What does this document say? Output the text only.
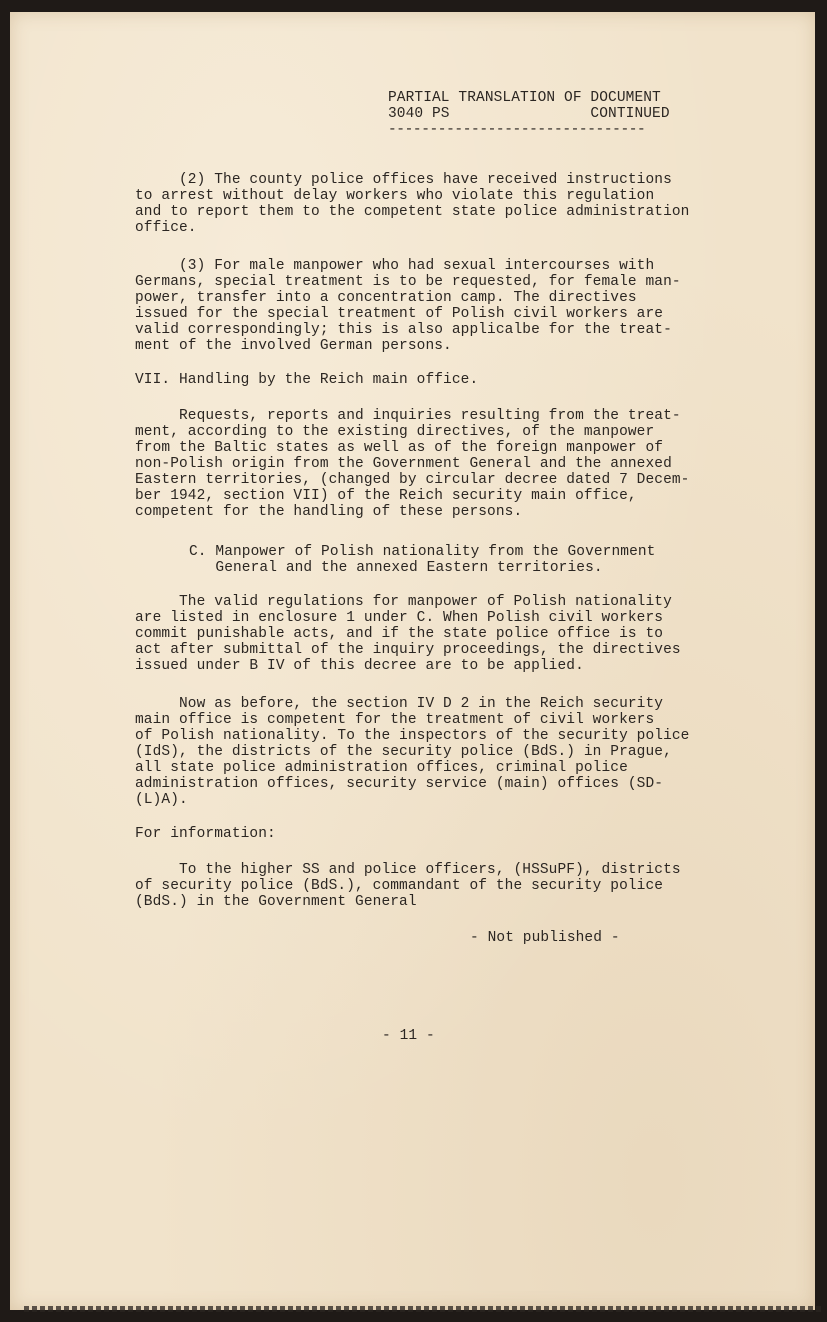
PARTIAL TRANSLATION OF DOCUMENT
3040 PS                CONTINUED
-------------------------------
(2) The county police offices have received instructions
to arrest without delay workers who violate this regulation
and to report them to the competent state police administration
office.
(3) For male manpower who had sexual intercourses with
Germans, special treatment is to be requested, for female man-
power, transfer into a concentration camp. The directives
issued for the special treatment of Polish civil workers are
valid correspondingly; this is also applicalbe for the treat-
ment of the involved German persons.
VII. Handling by the Reich main office.
Requests, reports and inquiries resulting from the treat-
ment, according to the existing directives, of the manpower
from the Baltic states as well as of the foreign manpower of
non-Polish origin from the Government General and the annexed
Eastern territories, (changed by circular decree dated 7 Decem-
ber 1942, section VII) of the Reich security main office,
competent for the handling of these persons.
C. Manpower of Polish nationality from the Government
General and the annexed Eastern territories.
The valid regulations for manpower of Polish nationality
are listed in enclosure 1 under C. When Polish civil workers
commit punishable acts, and if the state police office is to
act after submittal of the inquiry proceedings, the directives
issued under B IV of this decree are to be applied.
Now as before, the section IV D 2 in the Reich security
main office is competent for the treatment of civil workers
of Polish nationality. To the inspectors of the security police
(IdS), the districts of the security police (BdS.) in Prague,
all state police administration offices, criminal police
administration offices, security service (main) offices (SD-
(L)A).
For information:
To the higher SS and police officers, (HSSuPF), districts
of security police (BdS.), commandant of the security police
(BdS.) in the Government General
- Not published -
- 11 -
